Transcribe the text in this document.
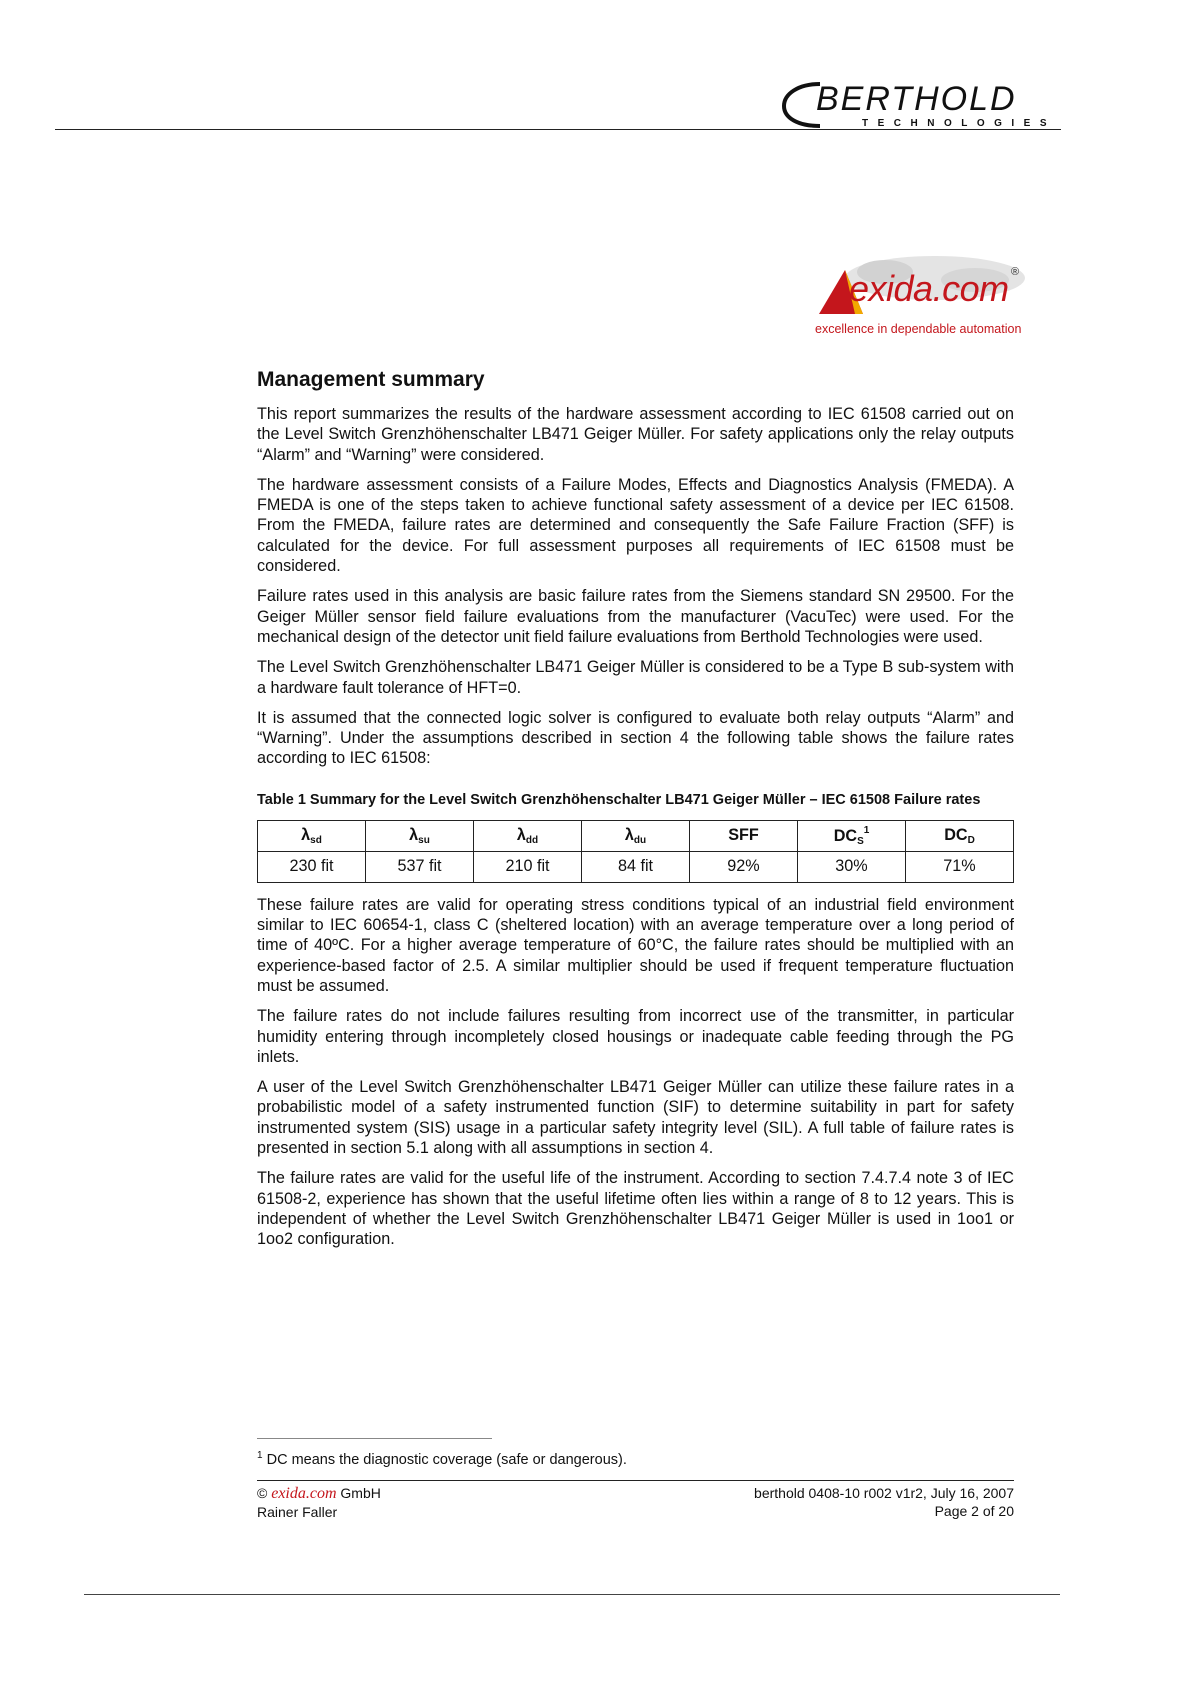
BERTHOLD
TECHNOLOGIES
exida.com ®
excellence in dependable automation
Management summary

This report summarizes the results of the hardware assessment according to IEC 61508 carried out on the Level Switch Grenzhöhenschalter LB471 Geiger Müller. For safety applications only the relay outputs “Alarm” and “Warning” were considered.

The hardware assessment consists of a Failure Modes, Effects and Diagnostics Analysis (FMEDA). A FMEDA is one of the steps taken to achieve functional safety assessment of a device per IEC 61508. From the FMEDA, failure rates are determined and consequently the Safe Failure Fraction (SFF) is calculated for the device. For full assessment purposes all requirements of IEC 61508 must be considered.

Failure rates used in this analysis are basic failure rates from the Siemens standard SN 29500. For the Geiger Müller sensor field failure evaluations from the manufacturer (VacuTec) were used. For the mechanical design of the detector unit field failure evaluations from Berthold Technologies were used.

The Level Switch Grenzhöhenschalter LB471 Geiger Müller is considered to be a Type B sub-system with a hardware fault tolerance of HFT=0.

It is assumed that the connected logic solver is configured to evaluate both relay outputs “Alarm” and “Warning”. Under the assumptions described in section 4 the following table shows the failure rates according to IEC 61508:

Table 1 Summary for the Level Switch Grenzhöhenschalter LB471 Geiger Müller – IEC 61508 Failure rates
$\lambda_{sd}$	$\lambda_{su}$	$\lambda_{dd}$	$\lambda_{du}$	SFF	$DC_S^1$	$DC_D$
230 fit	537 fit	210 fit	84 fit	92%	30%	71%

These failure rates are valid for operating stress conditions typical of an industrial field environment similar to IEC 60654-1, class C (sheltered location) with an average temperature over a long period of time of 40ºC. For a higher average temperature of 60°C, the failure rates should be multiplied with an experience-based factor of 2.5. A similar multiplier should be used if frequent temperature fluctuation must be assumed.

The failure rates do not include failures resulting from incorrect use of the transmitter, in particular humidity entering through incompletely closed housings or inadequate cable feeding through the PG inlets.

A user of the Level Switch Grenzhöhenschalter LB471 Geiger Müller can utilize these failure rates in a probabilistic model of a safety instrumented function (SIF) to determine suitability in part for safety instrumented system (SIS) usage in a particular safety integrity level (SIL). A full table of failure rates is presented in section 5.1 along with all assumptions in section 4.

The failure rates are valid for the useful life of the instrument. According to section 7.4.7.4 note 3 of IEC 61508-2, experience has shown that the useful lifetime often lies within a range of 8 to 12 years. This is independent of whether the Level Switch Grenzhöhenschalter LB471 Geiger Müller is used in 1oo1 or 1oo2 configuration.

$^1$ DC means the diagnostic coverage (safe or dangerous).
© exida.com GmbH
Rainer Faller
berthold 0408-10 r002 v1r2, July 16, 2007
Page 2 of 20
